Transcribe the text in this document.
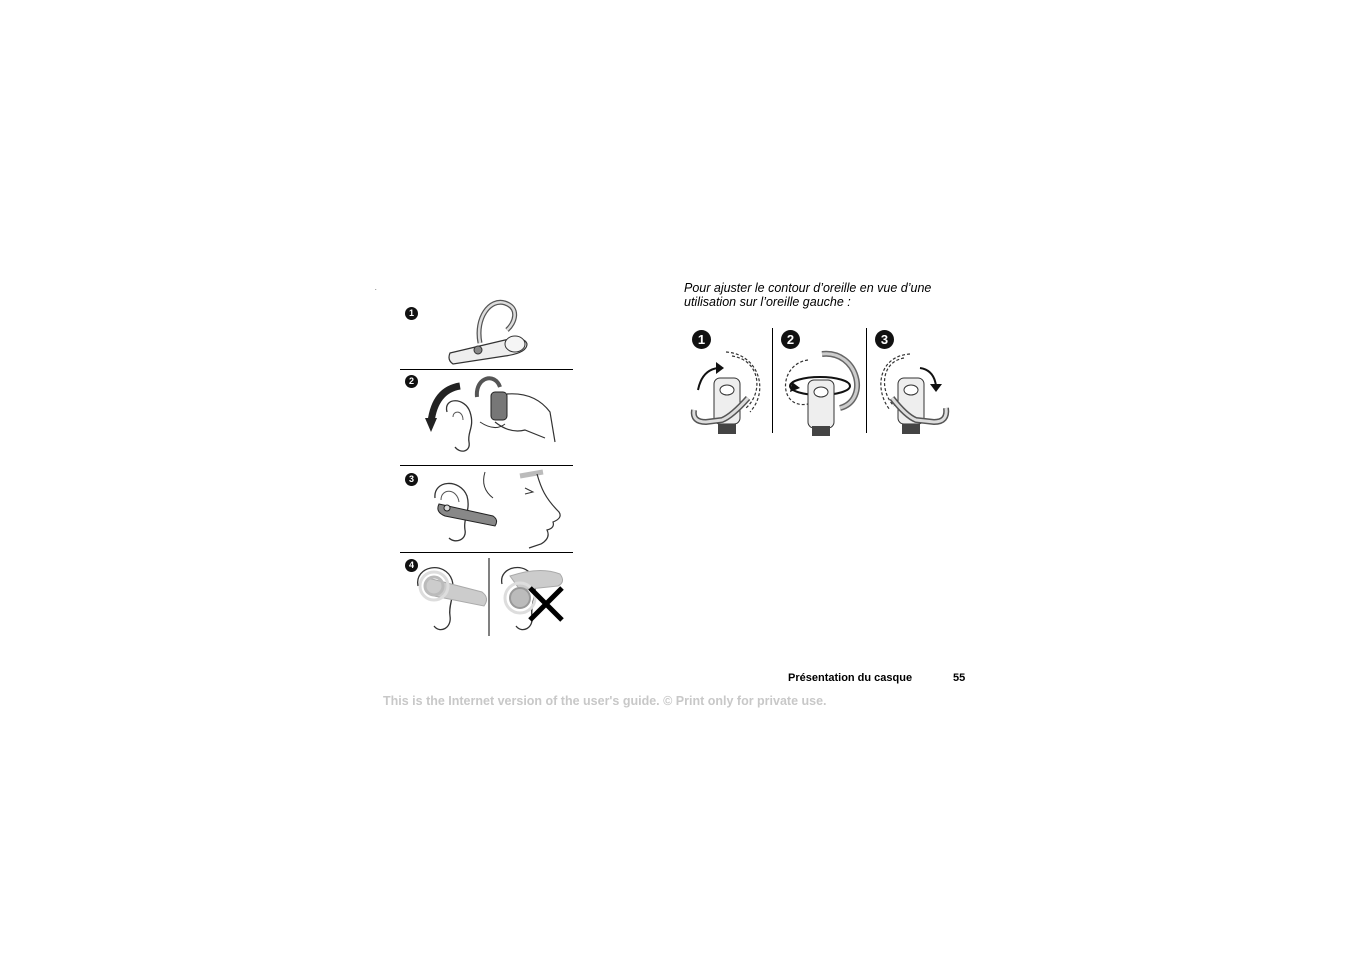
.
1
2
3
4
Pour ajuster le contour d’oreille en vue d’une utilisation sur l’oreille gauche :
1	2	3
Présentation du casque	55
This is the Internet version of the user's guide. © Print only for private use.
